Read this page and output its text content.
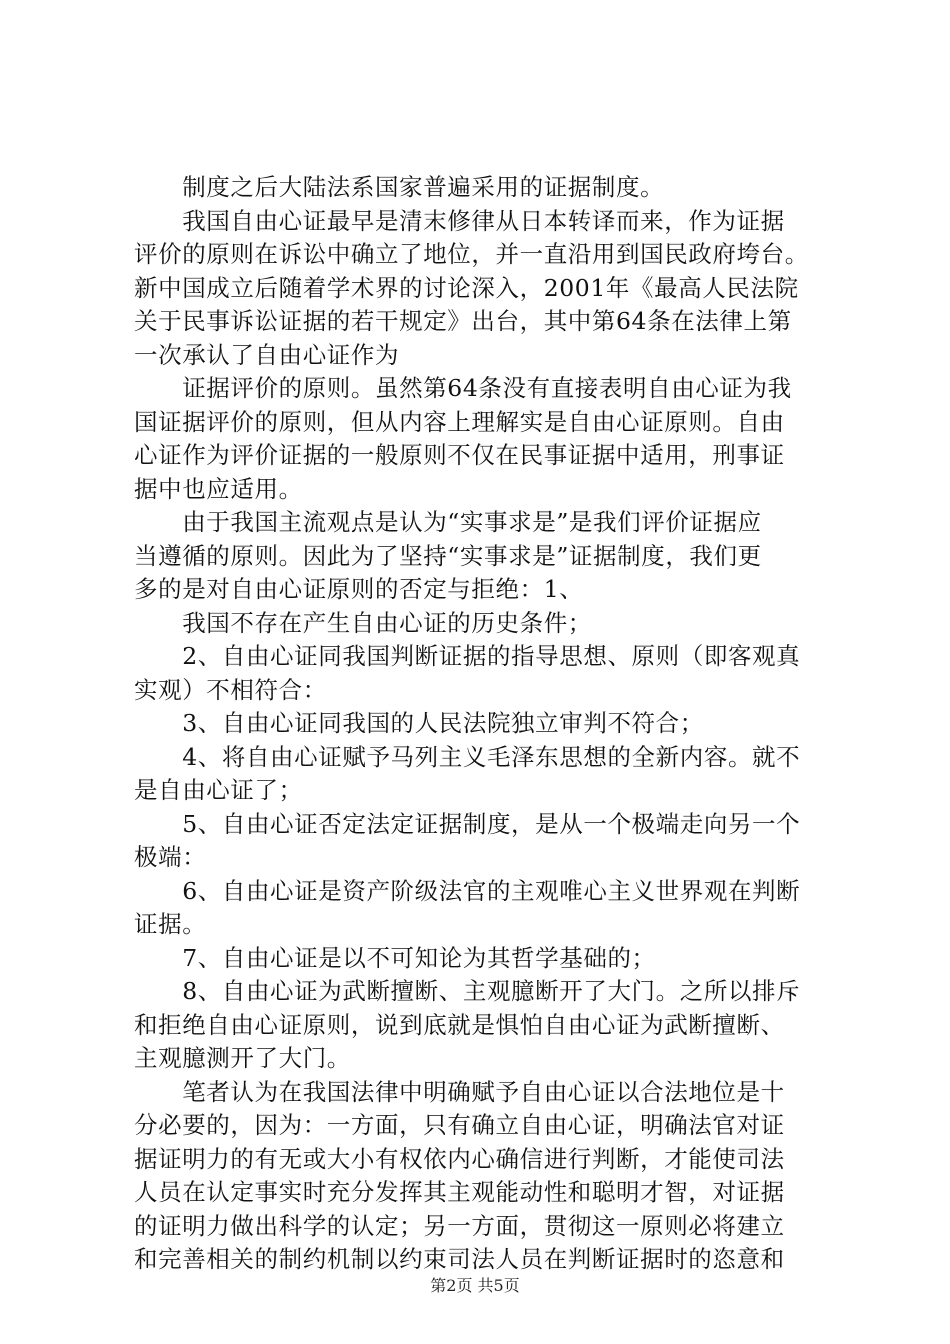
　　制度之后大陆法系国家普遍采用的证据制度。

　　我国自由心证最早是清末修律从日本转译而来，作为证据
评价的原则在诉讼中确立了地位，并一直沿用到国民政府垮台。
新中国成立后随着学术界的讨论深入，2001年《最高人民法院
关于民事诉讼证据的若干规定》出台，其中第64条在法律上第
一次承认了自由心证作为

　　证据评价的原则。虽然第64条没有直接表明自由心证为我
国证据评价的原则，但从内容上理解实是自由心证原则。自由
心证作为评价证据的一般原则不仅在民事证据中适用，刑事证
据中也应适用。

　　由于我国主流观点是认为“实事求是”是我们评价证据应
当遵循的原则。因此为了坚持“实事求是”证据制度，我们更
多的是对自由心证原则的否定与拒绝：1、

　　我国不存在产生自由心证的历史条件；

　　2、自由心证同我国判断证据的指导思想、原则（即客观真
实观）不相符合：

　　3、自由心证同我国的人民法院独立审判不符合；

　　4、将自由心证赋予马列主义毛泽东思想的全新内容。就不
是自由心证了；

　　5、自由心证否定法定证据制度，是从一个极端走向另一个
极端：

　　6、自由心证是资产阶级法官的主观唯心主义世界观在判断
证据。

　　7、自由心证是以不可知论为其哲学基础的；

　　8、自由心证为武断擅断、主观臆断开了大门。之所以排斥
和拒绝自由心证原则，说到底就是惧怕自由心证为武断擅断、
主观臆测开了大门。

　　笔者认为在我国法律中明确赋予自由心证以合法地位是十
分必要的，因为：一方面，只有确立自由心证，明确法官对证
据证明力的有无或大小有权依内心确信进行判断，才能使司法
人员在认定事实时充分发挥其主观能动性和聪明才智，对证据
的证明力做出科学的认定；另一方面，贯彻这一原则必将建立
和完善相关的制约机制以约束司法人员在判断证据时的恣意和

第2页 共5页
